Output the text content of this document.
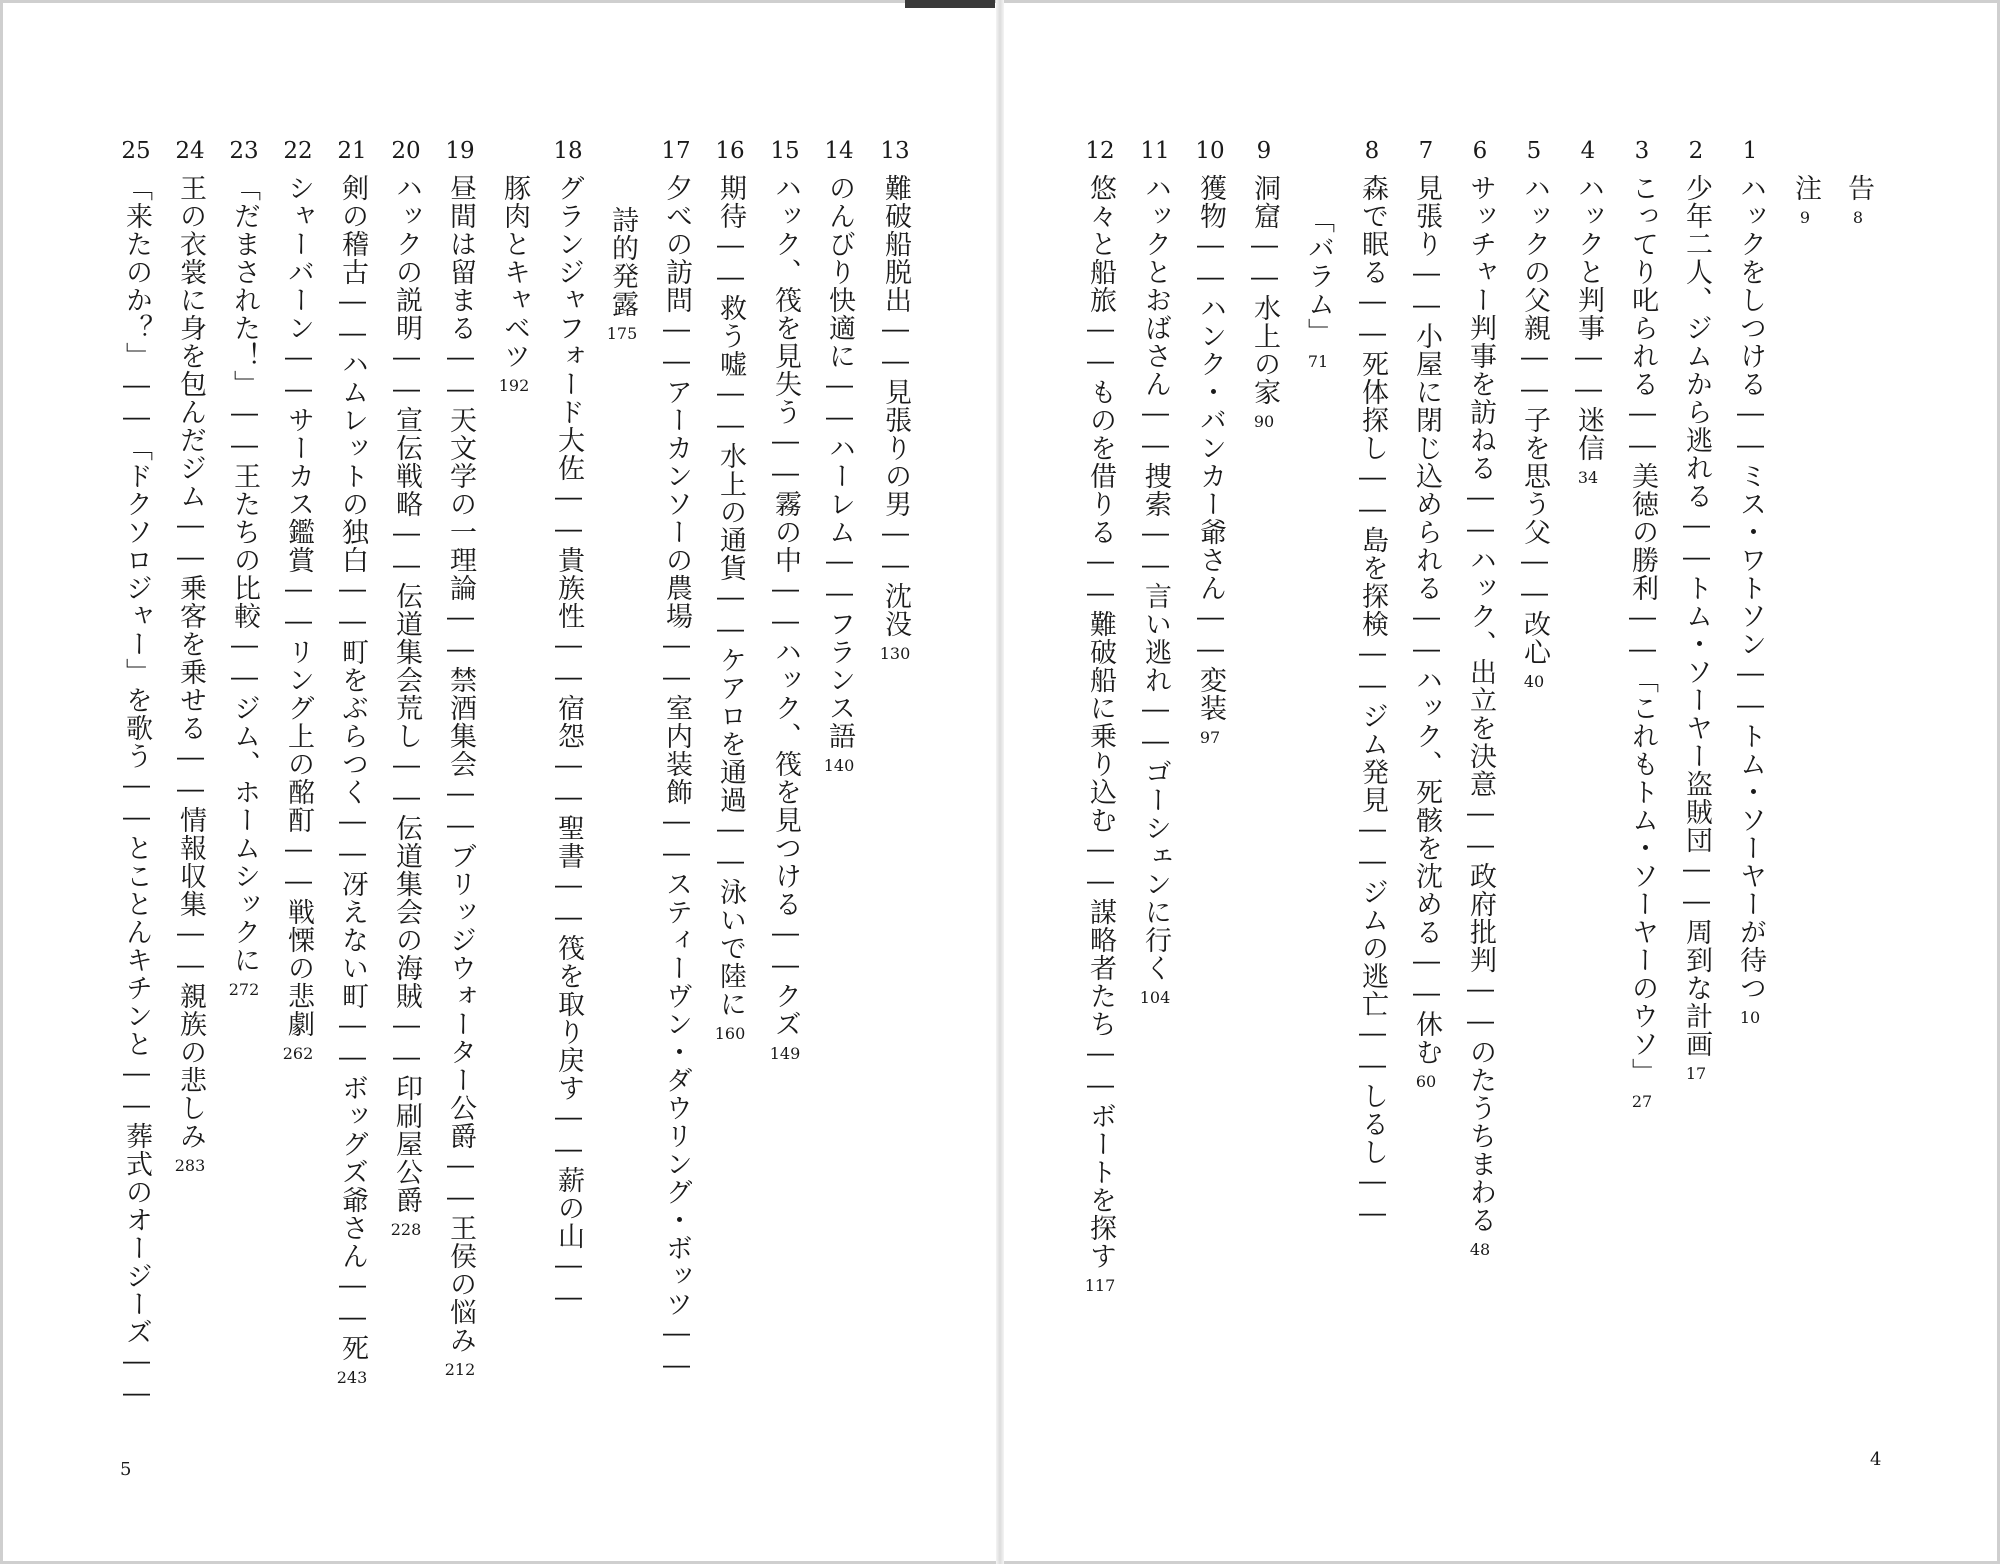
13
難破船脱出――見張りの男――沈没
130
14
のんびり快適に――ハーレム――フランス語
140
15
ハック、筏を見失う――霧の中――ハック、筏を見つける――クズ
149
16
期待――救う嘘――水上の通貨――ケアロを通過――泳いで陸に
160
17
夕べの訪問――アーカンソーの農場――室内装飾――スティーヴン・ダウリング・ボッツ――
詩的発露
175
18
グランジャフォード大佐――貴族性――宿怨――聖書――筏を取り戻す――薪の山――
豚肉とキャベツ
192
19
昼間は留まる――天文学の一理論――禁酒集会――ブリッジウォーター公爵――王侯の悩み
212
20
ハックの説明――宣伝戦略――伝道集会荒し――伝道集会の海賊――印刷屋公爵
228
21
剣の稽古――ハムレットの独白――町をぶらつく――冴えない町――ボッグズ爺さん――死
243
22
シャーバーン――サーカス鑑賞――リング上の酩酊――戦慄の悲劇
262
23
「だまされた！」――王たちの比較――ジム、ホームシックに
272
24
王の衣裳に身を包んだジム――乗客を乗せる――情報収集――親族の悲しみ
283
25
「来たのか？」――「ドクソロジャー」を歌う――とことんキチンと――葬式のオージーズ――
5
告
8
注
9
1
ハックをしつける――ミス・ワトソン――トム・ソーヤーが待つ
10
2
少年二人、ジムから逃れる――トム・ソーヤー盗賊団――周到な計画
17
3
こってり叱られる――美徳の勝利――「これもトム・ソーヤーのウソ」
27
4
ハックと判事――迷信
34
5
ハックの父親――子を思う父――改心
40
6
サッチャー判事を訪ねる――ハック、出立を決意――政府批判――のたうちまわる
48
7
見張り――小屋に閉じ込められる――ハック、死骸を沈める――休む
60
8
森で眠る――死体探し――島を探検――ジム発見――ジムの逃亡――しるし――
「バラム」
71
9
洞窟――水上の家
90
10
獲物――ハンク・バンカー爺さん――変装
97
11
ハックとおばさん――捜索――言い逃れ――ゴーシェンに行く
104
12
悠々と船旅――ものを借りる――難破船に乗り込む――謀略者たち――ボートを探す
117
4
